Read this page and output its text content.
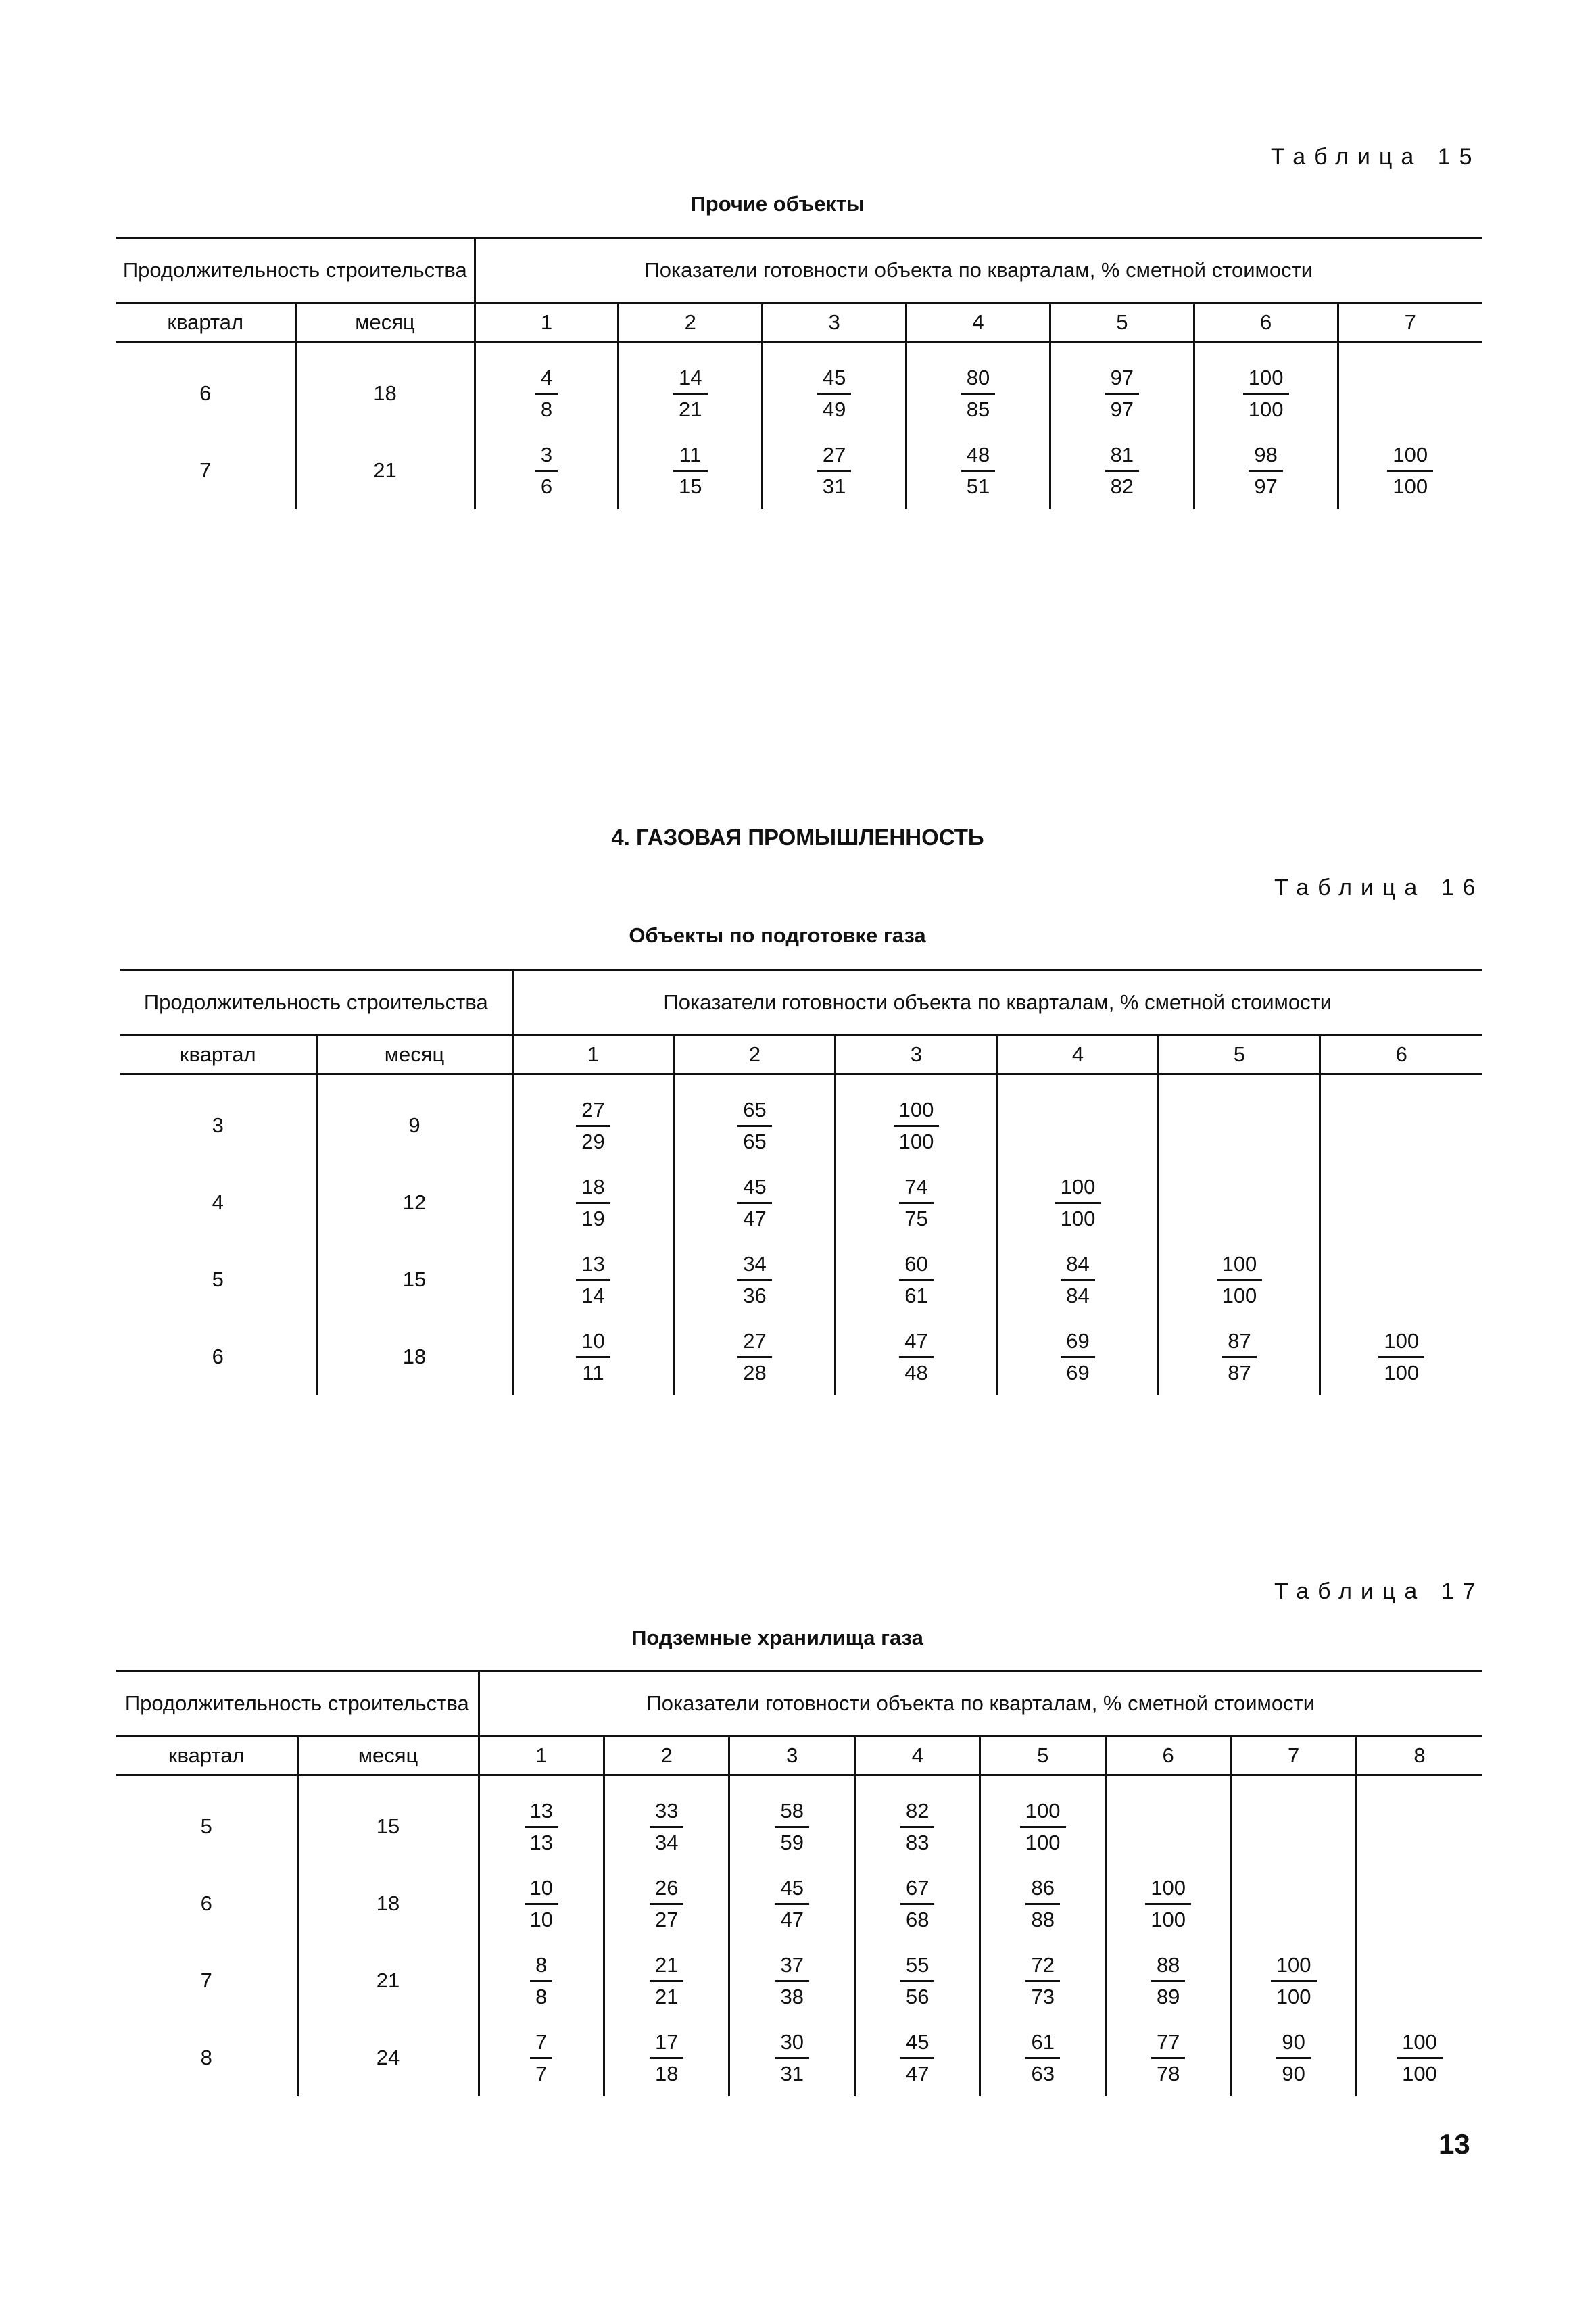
Таблица 15
Прочие объекты
Продолжительность строительства		Показатели готовности объекта по кварталам, % сметной стоимости						
квартал	месяц	1	2	3	4	5	6	7

6	18	$\frac{4}{8}$	$\frac{14}{21}$	$\frac{45}{49}$	$\frac{80}{85}$	$\frac{97}{97}$	$\frac{100}{100}$

7	21	$\frac{3}{6}$	$\frac{11}{15}$	$\frac{27}{31}$	$\frac{48}{51}$	$\frac{81}{82}$	$\frac{98}{97}$	$\frac{100}{100}$
4. ГАЗОВАЯ ПРОМЫШЛЕННОСТЬ
Таблица 16
Объекты по подготовке газа
Продолжительность строительства		Показатели готовности объекта по кварталам, % сметной стоимости					
квартал	месяц	1	2	3	4	5	6

3	9	$\frac{27}{29}$	$\frac{65}{65}$	$\frac{100}{100}$

4	12	$\frac{18}{19}$	$\frac{45}{47}$	$\frac{74}{75}$	$\frac{100}{100}$

5	15	$\frac{13}{14}$	$\frac{34}{36}$	$\frac{60}{61}$	$\frac{84}{84}$	$\frac{100}{100}$

6	18	$\frac{10}{11}$	$\frac{27}{28}$	$\frac{47}{48}$	$\frac{69}{69}$	$\frac{87}{87}$	$\frac{100}{100}$
Таблица 17
Подземные хранилища газа
Продолжительность строительства		Показатели готовности объекта по кварталам, % сметной стоимости							
квартал	месяц	1	2	3	4	5	6	7	8

5	15	$\frac{13}{13}$	$\frac{33}{34}$	$\frac{58}{59}$	$\frac{82}{83}$	$\frac{100}{100}$

6	18	$\frac{10}{10}$	$\frac{26}{27}$	$\frac{45}{47}$	$\frac{67}{68}$	$\frac{86}{88}$	$\frac{100}{100}$

7	21	$\frac{8}{8}$	$\frac{21}{21}$	$\frac{37}{38}$	$\frac{55}{56}$	$\frac{72}{73}$	$\frac{88}{89}$	$\frac{100}{100}$

8	24	$\frac{7}{7}$	$\frac{17}{18}$	$\frac{30}{31}$	$\frac{45}{47}$	$\frac{61}{63}$	$\frac{77}{78}$	$\frac{90}{90}$	$\frac{100}{100}$
13
